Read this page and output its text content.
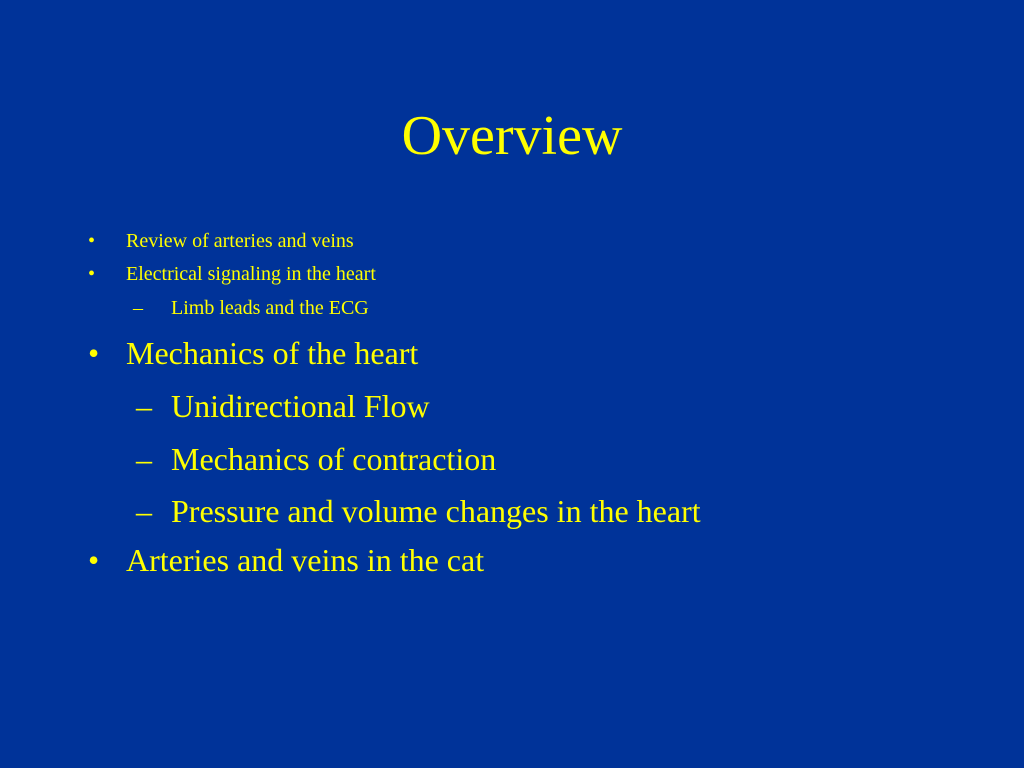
Overview
• Review of arteries and veins
• Electrical signaling in the heart
– Limb leads and the ECG
• Mechanics of the heart
– Unidirectional Flow
– Mechanics of contraction
– Pressure and volume changes in the heart
• Arteries and veins in the cat
